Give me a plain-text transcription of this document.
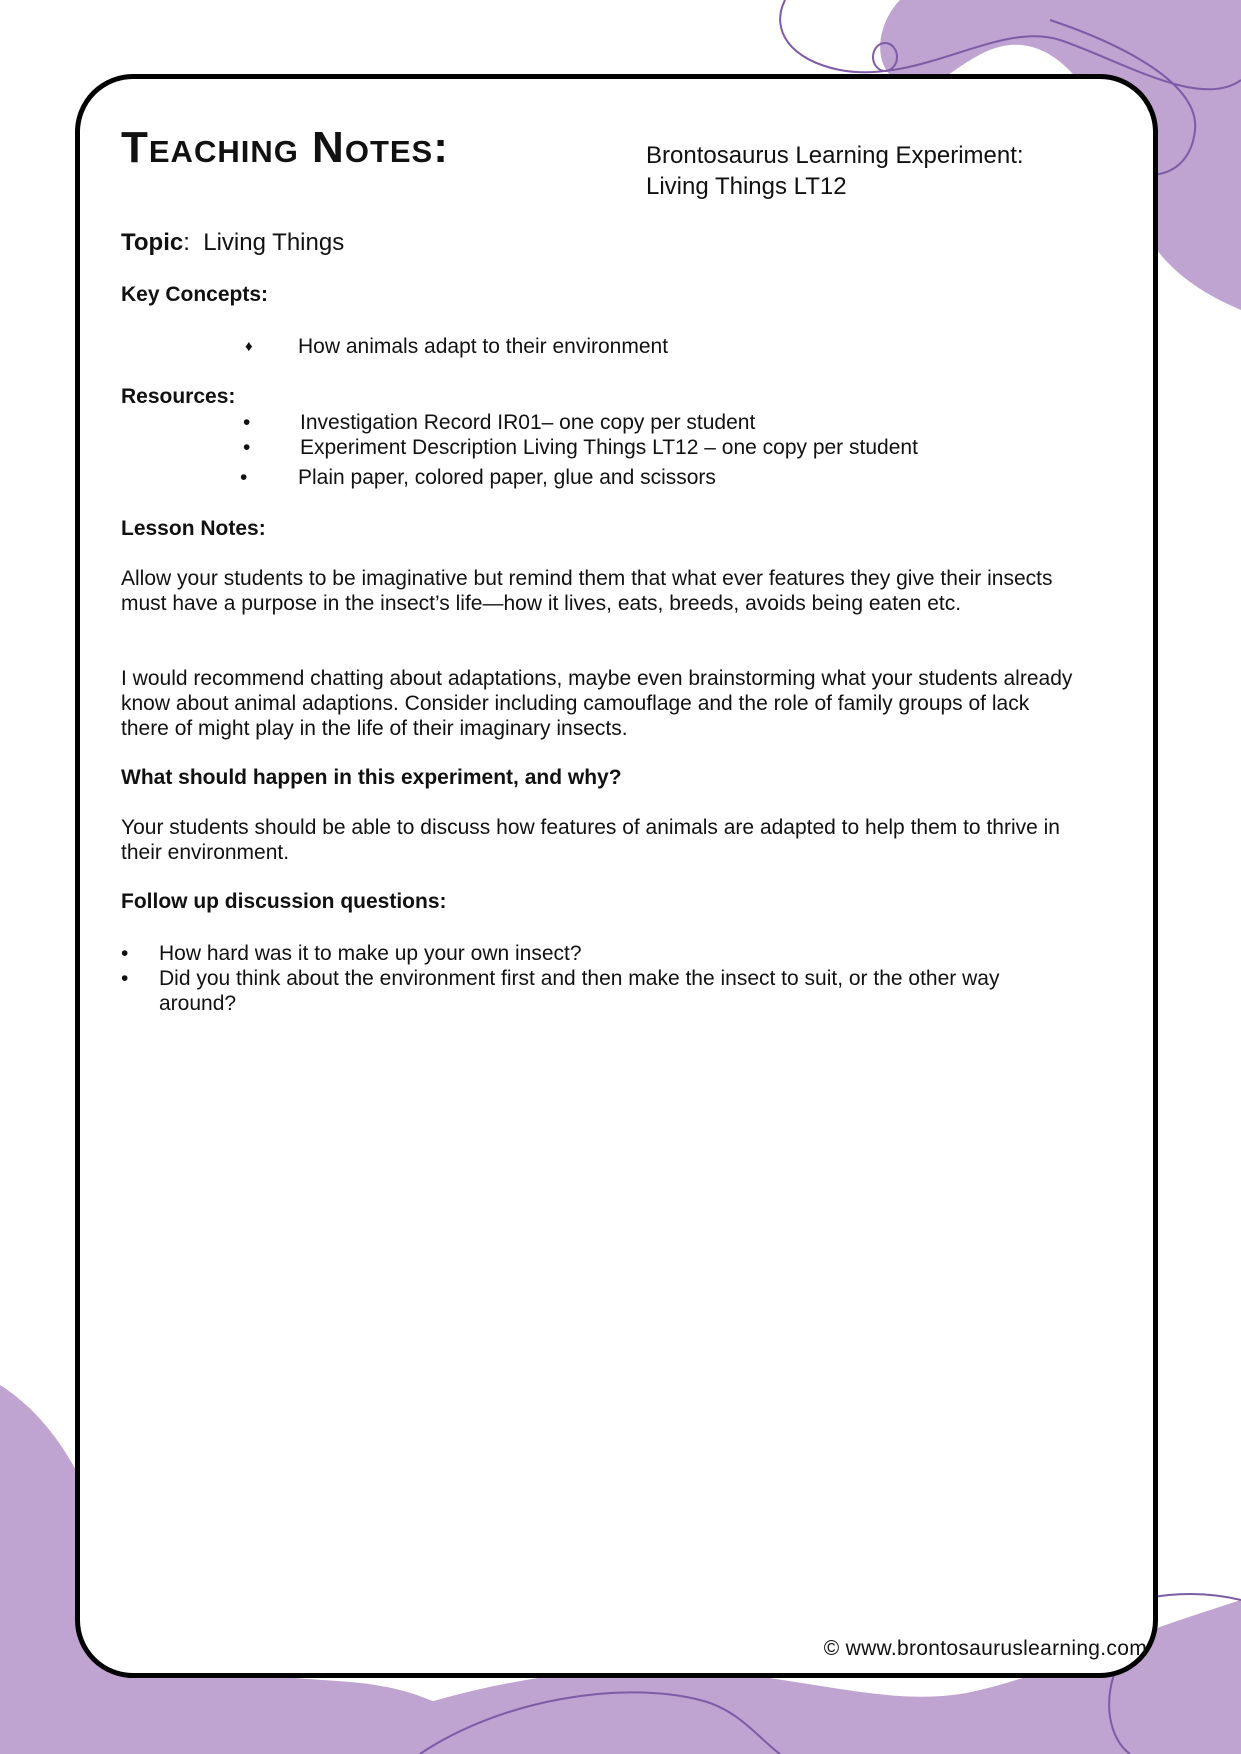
Teaching Notes:	Brontosaurus Learning Experiment:
Living Things LT12
Topic: Living Things
Key Concepts:
♦ How animals adapt to their environment
Resources:
• Investigation Record IR01– one copy per student
• Experiment Description Living Things LT12 – one copy per student
• Plain paper, colored paper, glue and scissors
Lesson Notes:
Allow your students to be imaginative but remind them that what ever features they give their insects must have a purpose in the insect’s life—how it lives, eats, breeds, avoids being eaten etc.
I would recommend chatting about adaptations, maybe even brainstorming what your students already know about animal adaptions. Consider including camouflage and the role of family groups of lack there of might play in the life of their imaginary insects.
What should happen in this experiment, and why?
Your students should be able to discuss how features of animals are adapted to help them to thrive in their environment.
Follow up discussion questions:
• How hard was it to make up your own insect?
• Did you think about the environment first and then make the insect to suit, or the other way around?
© www.brontosauruslearning.com
